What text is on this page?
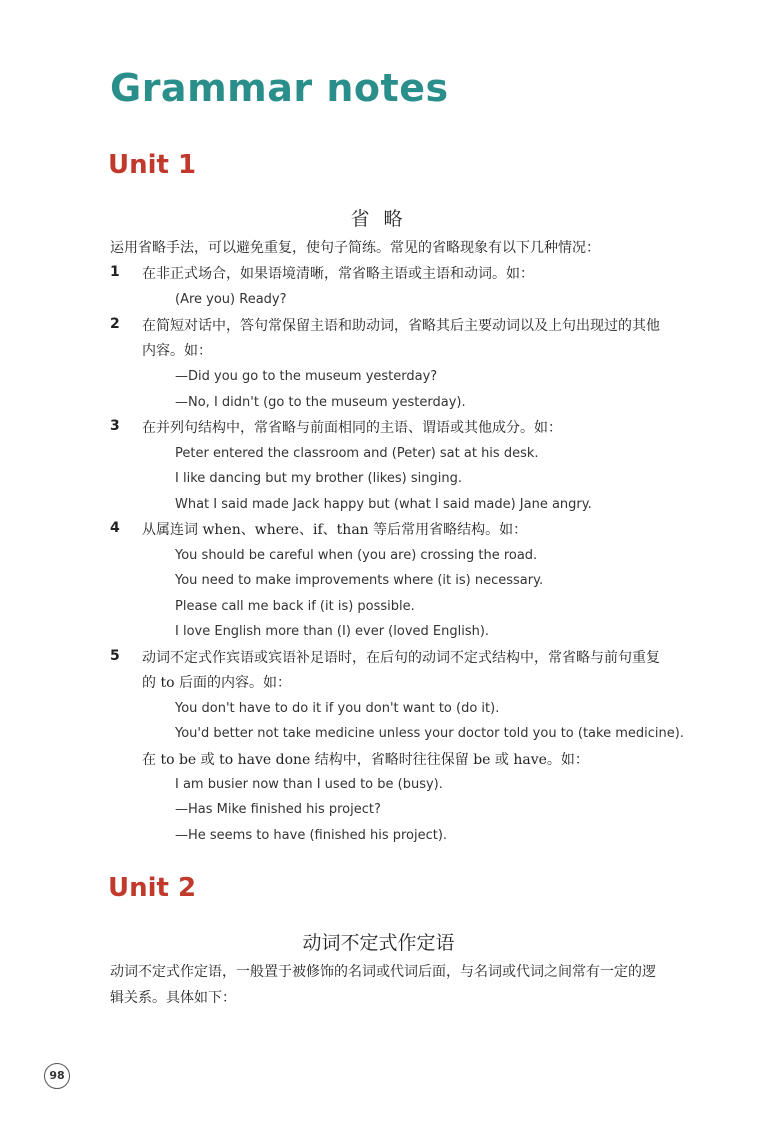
Grammar notes
Unit 1
省 略
运用省略手法，可以避免重复，使句子简练。常见的省略现象有以下几种情况：
1 在非正式场合，如果语境清晰，常省略主语或主语和动词。如：
(Are you) Ready?
2 在简短对话中，答句常保留主语和助动词，省略其后主要动词以及上句出现过的其他
内容。如：
—Did you go to the museum yesterday?
—No, I didn't (go to the museum yesterday).
3 在并列句结构中，常省略与前面相同的主语、谓语或其他成分。如：
Peter entered the classroom and (Peter) sat at his desk.
I like dancing but my brother (likes) singing.
What I said made Jack happy but (what I said made) Jane angry.
4 从属连词 when、where、if、than 等后常用省略结构。如：
You should be careful when (you are) crossing the road.
You need to make improvements where (it is) necessary.
Please call me back if (it is) possible.
I love English more than (I) ever (loved English).
5 动词不定式作宾语或宾语补足语时，在后句的动词不定式结构中，常省略与前句重复
的 to 后面的内容。如：
You don't have to do it if you don't want to (do it).
You'd better not take medicine unless your doctor told you to (take medicine).
在 to be 或 to have done 结构中，省略时往往保留 be 或 have。如：
I am busier now than I used to be (busy).
—Has Mike finished his project?
—He seems to have (finished his project).
Unit 2
动词不定式作定语
动词不定式作定语，一般置于被修饰的名词或代词后面，与名词或代词之间常有一定的逻
辑关系。具体如下：
98
